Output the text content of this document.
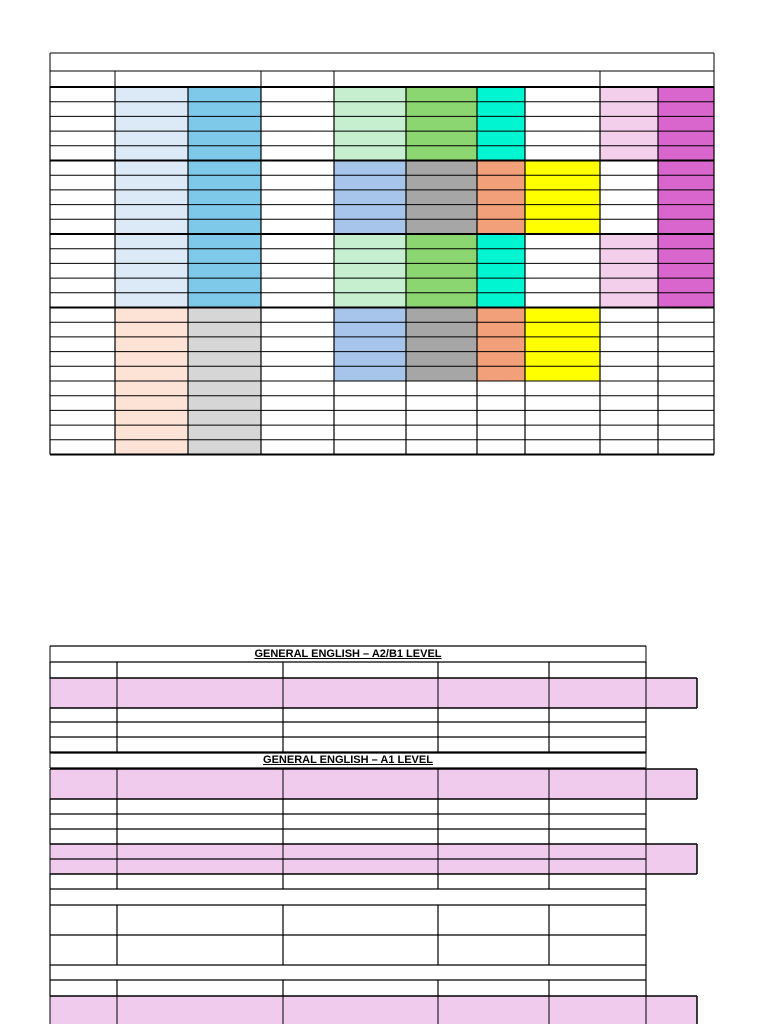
GENERAL ENGLISH – A2/B1 LEVEL
GENERAL ENGLISH – A1 LEVEL
